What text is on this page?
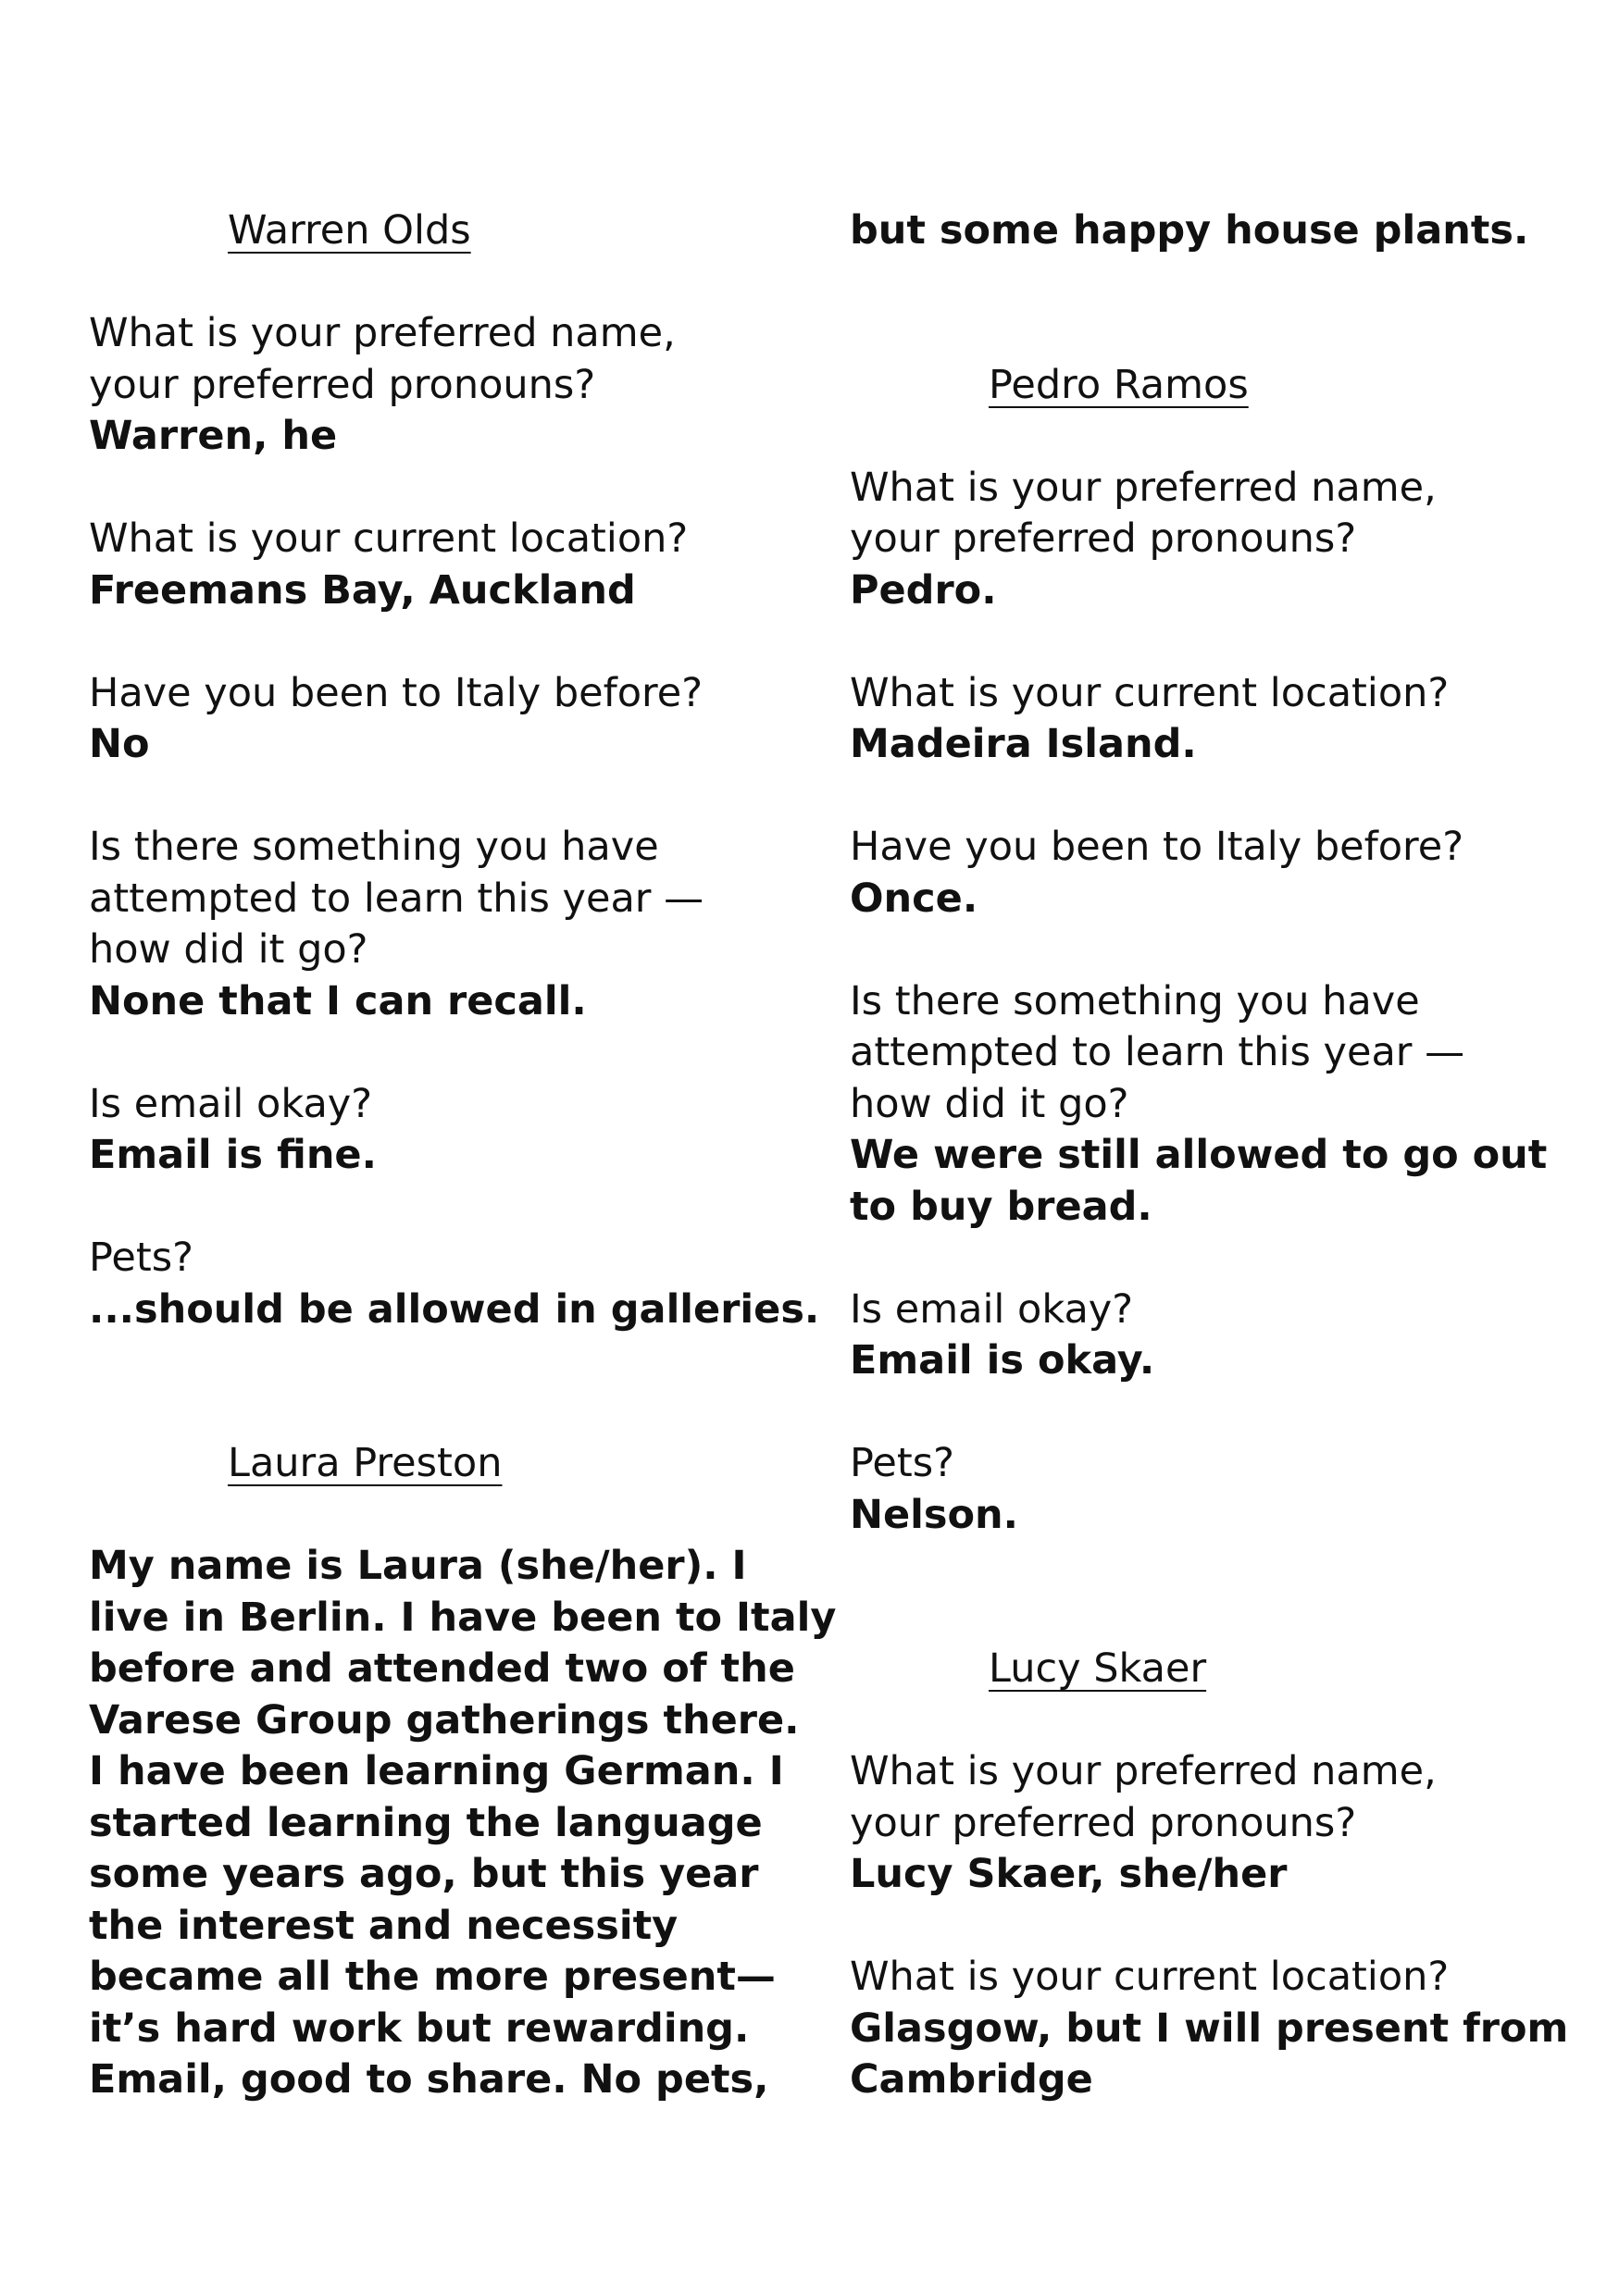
Warren Olds
What is your preferred name,
your preferred pronouns?
Warren, he
What is your current location?
Freemans Bay, Auckland
Have you been to Italy before?
No
Is there something you have
attempted to learn this year —
how did it go?
None that I can recall.
Is email okay?
Email is fine.
Pets?
...should be allowed in galleries.
Laura Preston
My name is Laura (she/her). I
live in Berlin. I have been to Italy
before and attended two of the
Varese Group gatherings there.
I have been learning German. I
started learning the language
some years ago, but this year
the interest and necessity
became all the more present—
it’s hard work but rewarding.
Email, good to share. No pets,
but some happy house plants.
Pedro Ramos
What is your preferred name,
your preferred pronouns?
Pedro.
What is your current location?
Madeira Island.
Have you been to Italy before?
Once.
Is there something you have
attempted to learn this year —
how did it go?
We were still allowed to go out
to buy bread.
Is email okay?
Email is okay.
Pets?
Nelson.
Lucy Skaer
What is your preferred name,
your preferred pronouns?
Lucy Skaer, she/her
What is your current location?
Glasgow, but I will present from
Cambridge
